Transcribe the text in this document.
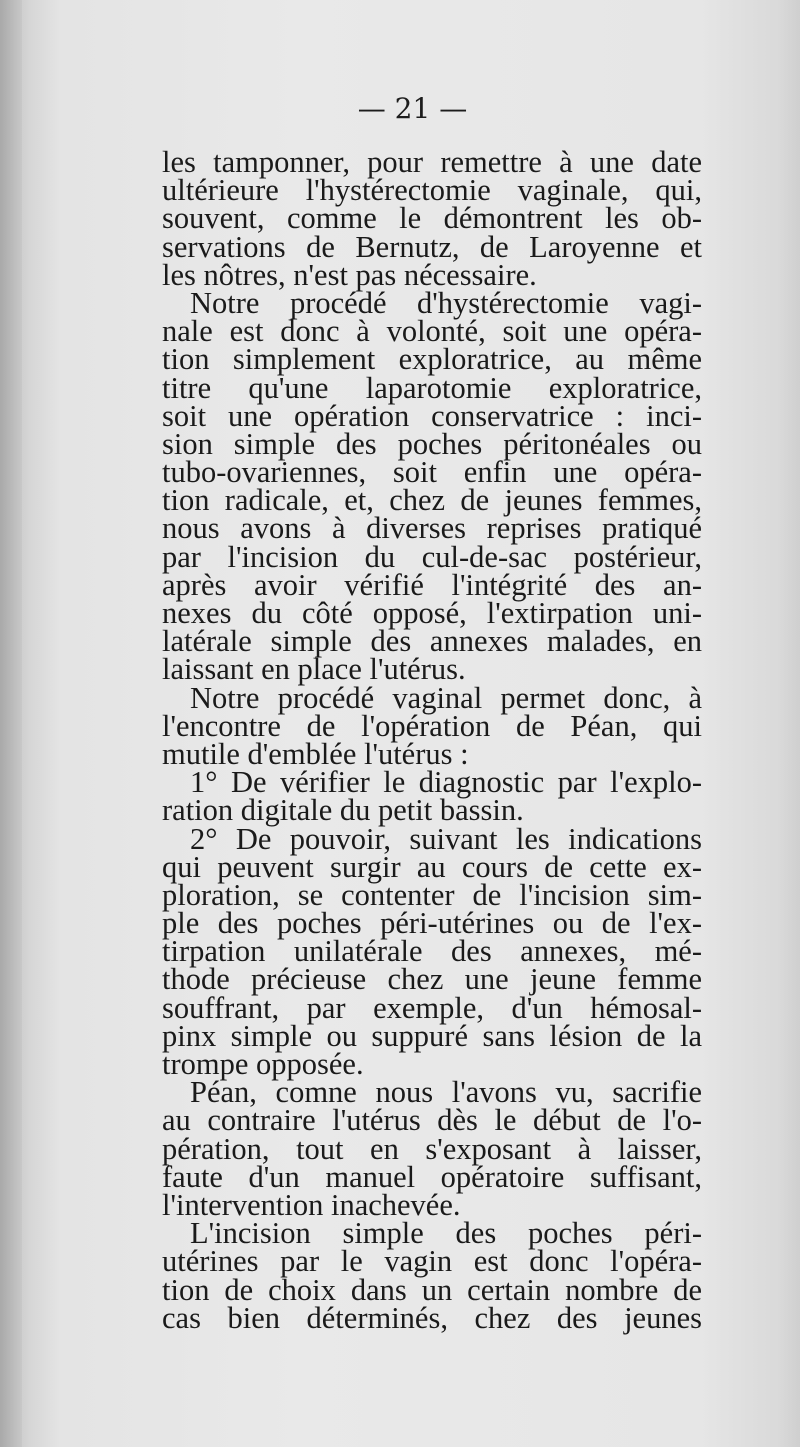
— 21 —
les tamponner, pour remettre à une date
ultérieure l'hystérectomie vaginale, qui,
souvent, comme le démontrent les ob-
servations de Bernutz, de Laroyenne et
les nôtres, n'est pas nécessaire.
Notre procédé d'hystérectomie vagi-
nale est donc à volonté, soit une opéra-
tion simplement exploratrice, au même
titre qu'une laparotomie exploratrice,
soit une opération conservatrice : inci-
sion simple des poches péritonéales ou
tubo-ovariennes, soit enfin une opéra-
tion radicale, et, chez de jeunes femmes,
nous avons à diverses reprises pratiqué
par l'incision du cul-de-sac postérieur,
après avoir vérifié l'intégrité des an-
nexes du côté opposé, l'extirpation uni-
latérale simple des annexes malades, en
laissant en place l'utérus.
Notre procédé vaginal permet donc, à
l'encontre de l'opération de Péan, qui
mutile d'emblée l'utérus :
1° De vérifier le diagnostic par l'explo-
ration digitale du petit bassin.
2° De pouvoir, suivant les indications
qui peuvent surgir au cours de cette ex-
ploration, se contenter de l'incision sim-
ple des poches péri-utérines ou de l'ex-
tirpation unilatérale des annexes, mé-
thode précieuse chez une jeune femme
souffrant, par exemple, d'un hémosal-
pinx simple ou suppuré sans lésion de la
trompe opposée.
Péan, comne nous l'avons vu, sacrifie
au contraire l'utérus dès le début de l'o-
pération, tout en s'exposant à laisser,
faute d'un manuel opératoire suffisant,
l'intervention inachevée.
L'incision simple des poches péri-
utérines par le vagin est donc l'opéra-
tion de choix dans un certain nombre de
cas bien déterminés, chez des jeunes
